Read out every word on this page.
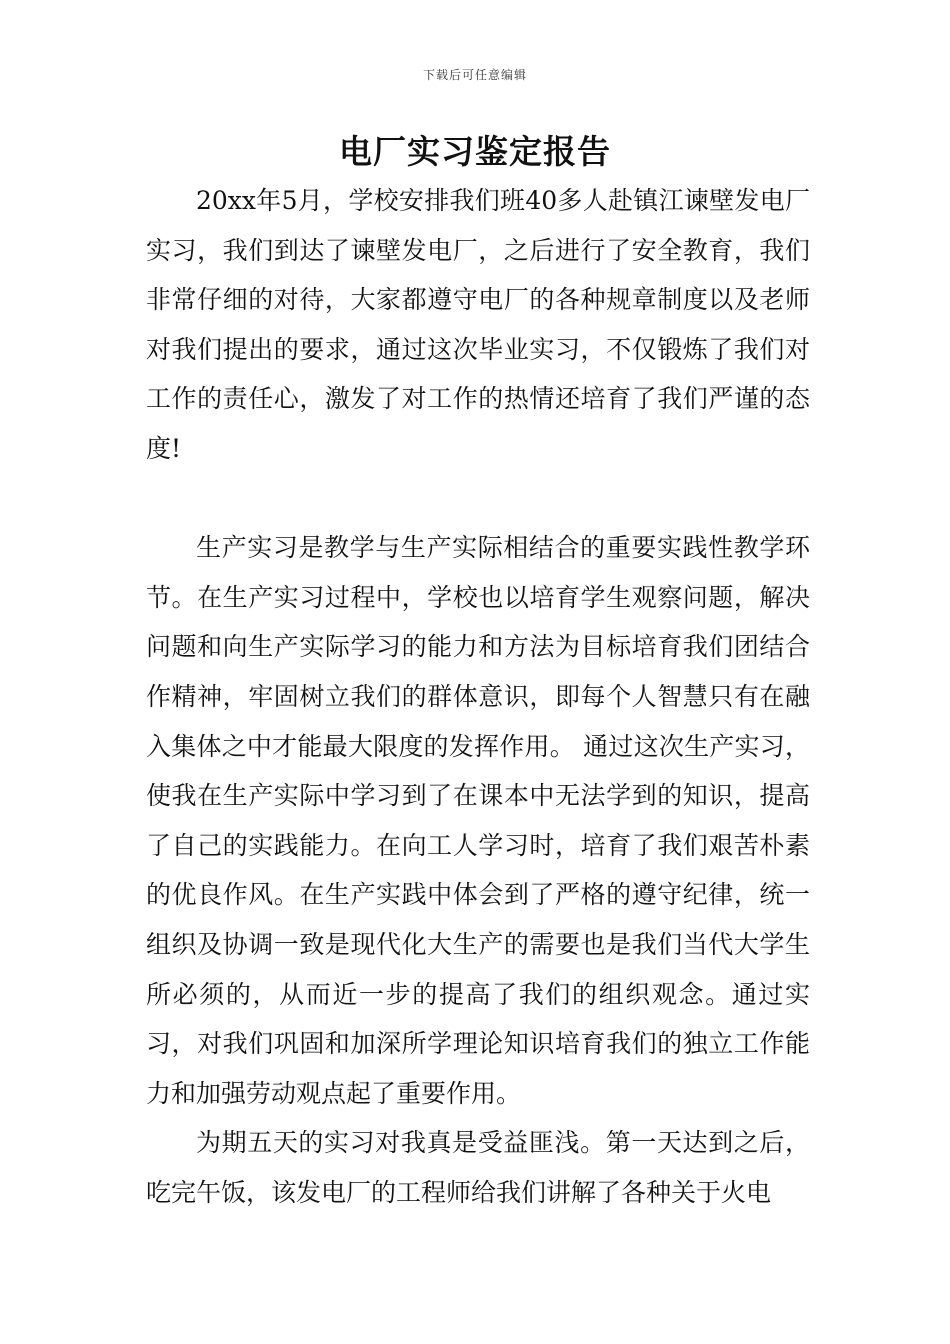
下载后可任意编辑
电厂实习鉴定报告

20xx年5月，学校安排我们班40多人赴镇江谏壁发电厂实习，我们到达了谏壁发电厂，之后进行了安全教育，我们非常仔细的对待，大家都遵守电厂的各种规章制度以及老师对我们提出的要求，通过这次毕业实习，不仅锻炼了我们对工作的责任心，激发了对工作的热情还培育了我们严谨的态度!

生产实习是教学与生产实际相结合的重要实践性教学环节。在生产实习过程中，学校也以培育学生观察问题，解决问题和向生产实际学习的能力和方法为目标培育我们团结合作精神，牢固树立我们的群体意识，即每个人智慧只有在融入集体之中才能最大限度的发挥作用。 通过这次生产实习，使我在生产实际中学习到了在课本中无法学到的知识，提高了自己的实践能力。在向工人学习时，培育了我们艰苦朴素的优良作风。在生产实践中体会到了严格的遵守纪律，统一组织及协调一致是现代化大生产的需要也是我们当代大学生所必须的，从而近一步的提高了我们的组织观念。通过实习，对我们巩固和加深所学理论知识培育我们的独立工作能力和加强劳动观点起了重要作用。

为期五天的实习对我真是受益匪浅。第一天达到之后，吃完午饭，该发电厂的工程师给我们讲解了各种关于火电
